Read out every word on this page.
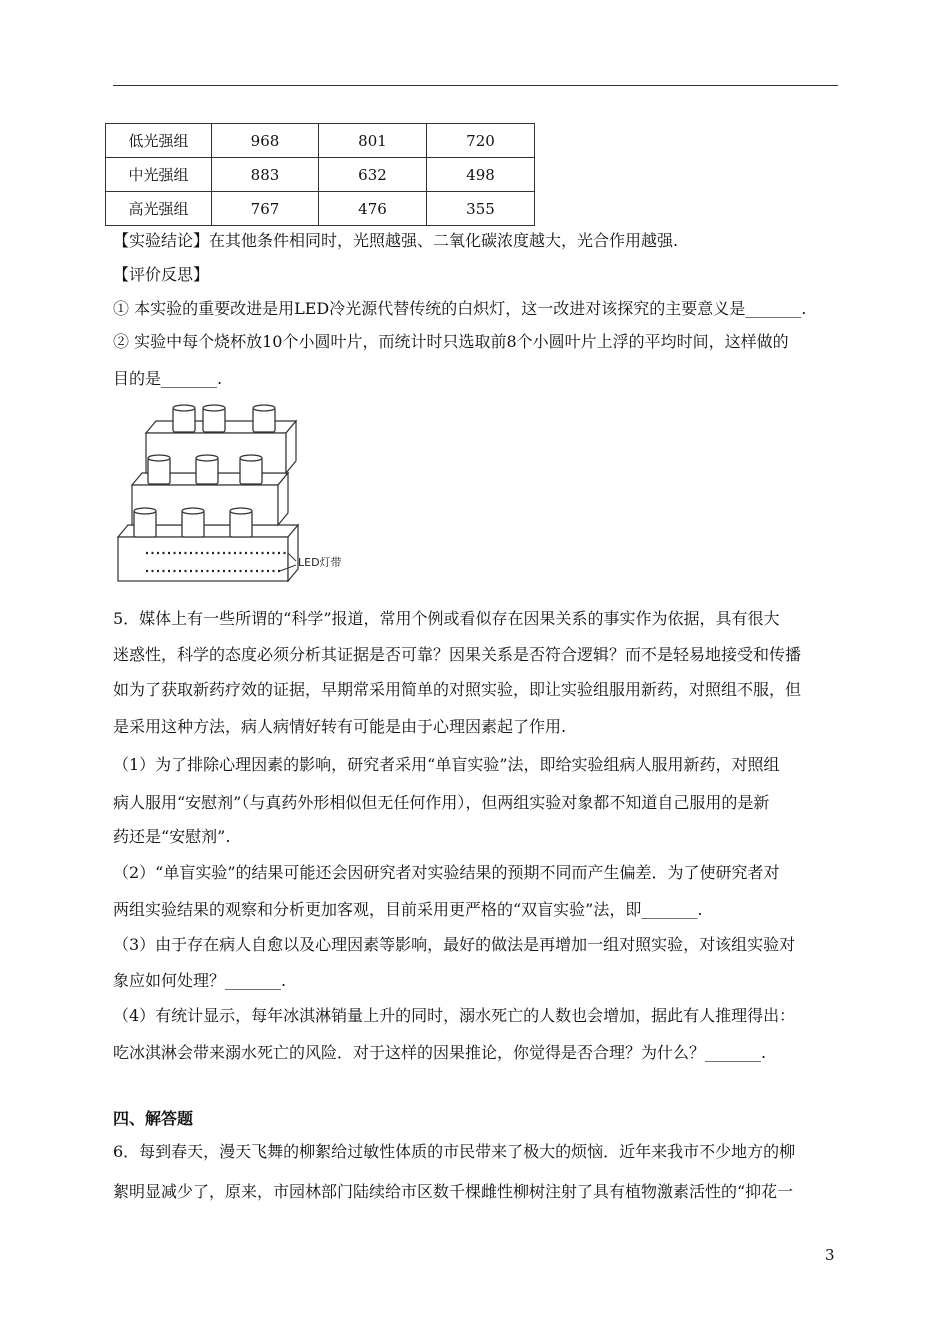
低光强组	968	801	720
中光强组	883	632	498
高光强组	767	476	355

【实验结论】在其他条件相同时，光照越强、二氧化碳浓度越大，光合作用越强.

【评价反思】

① 本实验的重要改进是用LED冷光源代替传统的白炽灯，这一改进对该探究的主要意义是_______.

② 实验中每个烧杯放10个小圆叶片，而统计时只选取前8个小圆叶片上浮的平均时间，这样做的

目的是_______.

LED灯带

5．媒体上有一些所谓的“科学”报道，常用个例或看似存在因果关系的事实作为依据，具有很大

迷惑性，科学的态度必须分析其证据是否可靠？因果关系是否符合逻辑？而不是轻易地接受和传播

如为了获取新药疗效的证据，早期常采用简单的对照实验，即让实验组服用新药，对照组不服，但

是采用这种方法，病人病情好转有可能是由于心理因素起了作用.

（1）为了排除心理因素的影响，研究者采用“单盲实验”法，即给实验组病人服用新药，对照组

病人服用“安慰剂”（与真药外形相似但无任何作用），但两组实验对象都不知道自己服用的是新

药还是“安慰剂”.

（2）“单盲实验”的结果可能还会因研究者对实验结果的预期不同而产生偏差．为了使研究者对

两组实验结果的观察和分析更加客观，目前采用更严格的“双盲实验”法，即_______.

（3）由于存在病人自愈以及心理因素等影响，最好的做法是再增加一组对照实验，对该组实验对

象应如何处理？_______.

（4）有统计显示，每年冰淇淋销量上升的同时，溺水死亡的人数也会增加，据此有人推理得出：

吃冰淇淋会带来溺水死亡的风险．对于这样的因果推论，你觉得是否合理？为什么？_______.

四、解答题

6．每到春天，漫天飞舞的柳絮给过敏性体质的市民带来了极大的烦恼．近年来我市不少地方的柳

絮明显减少了，原来，市园林部门陆续给市区数千棵雌性柳树注射了具有植物激素活性的“抑花一

3
